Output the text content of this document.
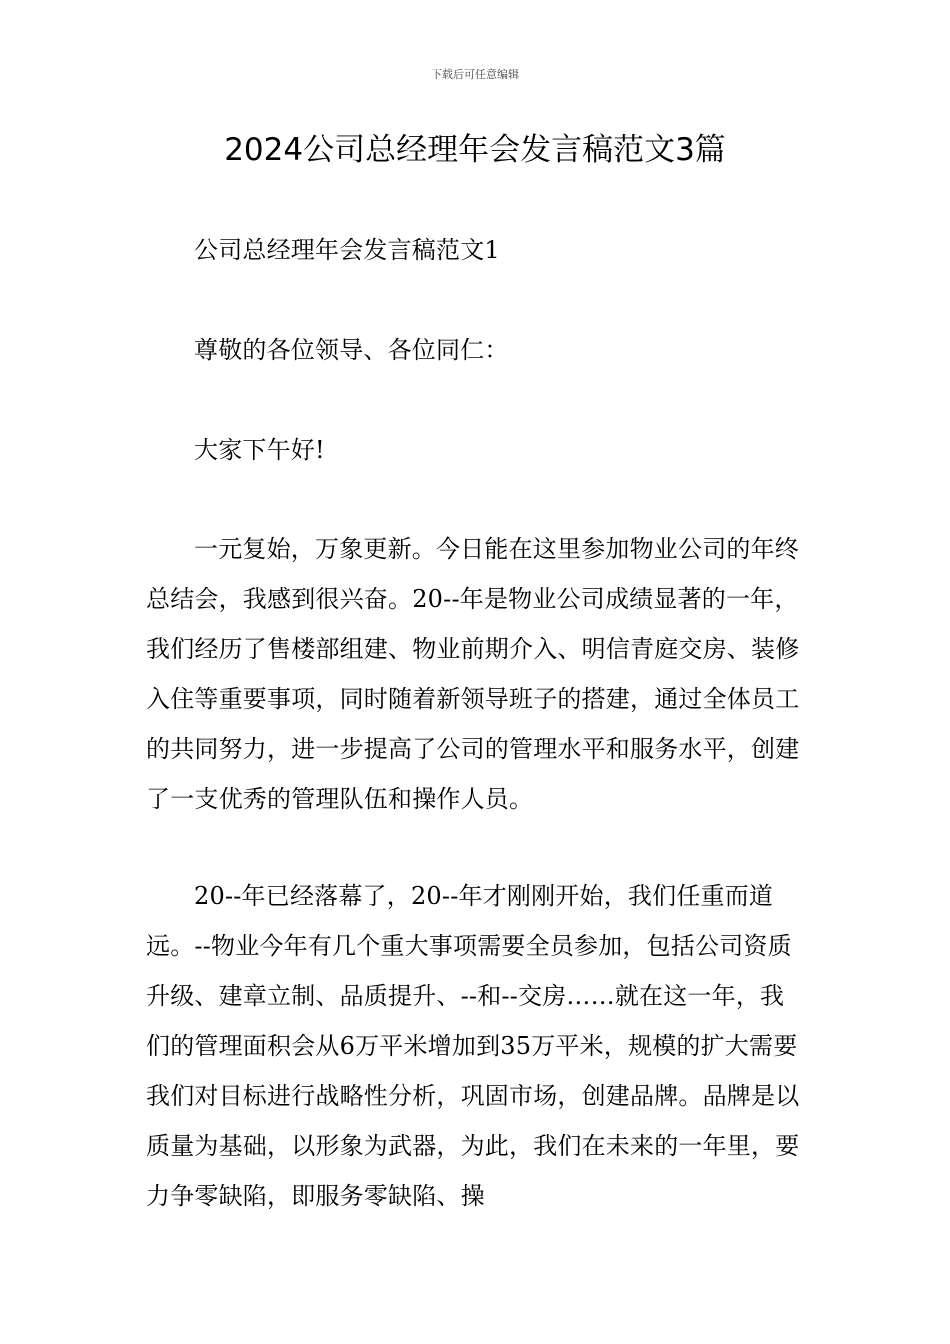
下载后可任意编辑
2024公司总经理年会发言稿范文3篇

公司总经理年会发言稿范文1

尊敬的各位领导、各位同仁：

大家下午好!

一元复始，万象更新。今日能在这里参加物业公司的年终总结会，我感到很兴奋。20--年是物业公司成绩显著的一年，我们经历了售楼部组建、物业前期介入、明信青庭交房、装修入住等重要事项，同时随着新领导班子的搭建，通过全体员工的共同努力，进一步提高了公司的管理水平和服务水平，创建了一支优秀的管理队伍和操作人员。

20--年已经落幕了，20--年才刚刚开始，我们任重而道远。--物业今年有几个重大事项需要全员参加，包括公司资质升级、建章立制、品质提升、--和--交房……就在这一年，我们的管理面积会从6万平米增加到35万平米，规模的扩大需要我们对目标进行战略性分析，巩固市场，创建品牌。品牌是以质量为基础，以形象为武器，为此，我们在未来的一年里，要力争零缺陷，即服务零缺陷、操
